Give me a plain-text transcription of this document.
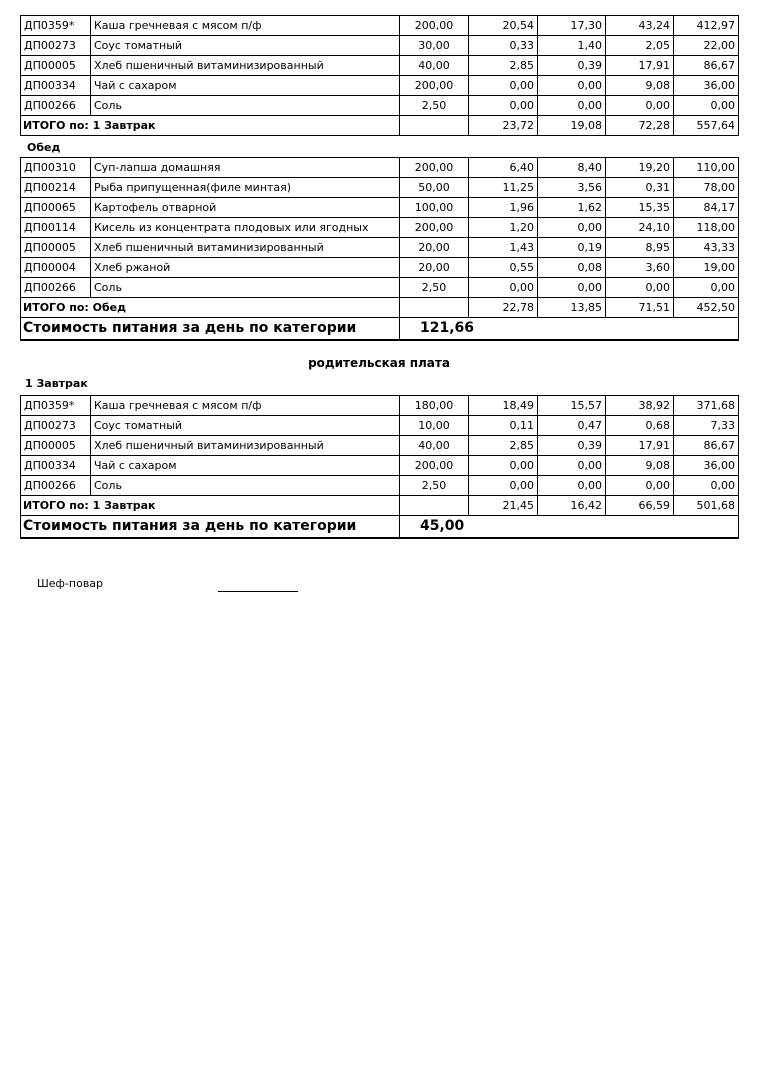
ДП0359*	Каша гречневая с мясом п/ф	200,00	20,54	17,30	43,24	412,97
ДП00273	Соус томатный	30,00	0,33	1,40	2,05	22,00
ДП00005	Хлеб пшеничный витаминизированный	40,00	2,85	0,39	17,91	86,67
ДП00334	Чай с сахаром	200,00	0,00	0,00	9,08	36,00
ДП00266	Соль	2,50	0,00	0,00	0,00	0,00
ИТОГО по: 1 Завтрак			23,72	19,08	72,28	557,64
Обед
ДП00310	Суп-лапша домашняя	200,00	6,40	8,40	19,20	110,00
ДП00214	Рыба припущенная(филе минтая)	50,00	11,25	3,56	0,31	78,00
ДП00065	Картофель отварной	100,00	1,96	1,62	15,35	84,17
ДП00114	Кисель из концентрата плодовых или ягодных	200,00	1,20	0,00	24,10	118,00
ДП00005	Хлеб пшеничный витаминизированный	20,00	1,43	0,19	8,95	43,33
ДП00004	Хлеб ржаной	20,00	0,55	0,08	3,60	19,00
ДП00266	Соль	2,50	0,00	0,00	0,00	0,00
ИТОГО по: Обед			22,78	13,85	71,51	452,50
Стоимость питания за день по категории		121,66				
родительская плата
1 Завтрак
ДП0359*	Каша гречневая с мясом п/ф	180,00	18,49	15,57	38,92	371,68
ДП00273	Соус томатный	10,00	0,11	0,47	0,68	7,33
ДП00005	Хлеб пшеничный витаминизированный	40,00	2,85	0,39	17,91	86,67
ДП00334	Чай с сахаром	200,00	0,00	0,00	9,08	36,00
ДП00266	Соль	2,50	0,00	0,00	0,00	0,00
ИТОГО по: 1 Завтрак			21,45	16,42	66,59	501,68
Стоимость питания за день по категории		45,00				
Шеф-повар
